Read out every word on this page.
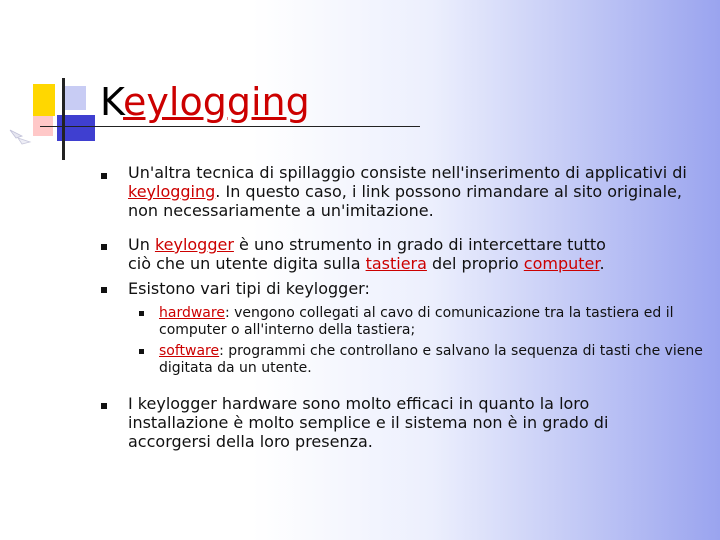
Keylogging

Un'altra tecnica di spillaggio consiste nell'inserimento di applicativi di keylogging. In questo caso, i link possono rimandare al sito originale, non necessariamente a un'imitazione.

Un keylogger è uno strumento in grado di intercettare tutto ciò che un utente digita sulla tastiera del proprio computer.

Esistono vari tipi di keylogger:

hardware: vengono collegati al cavo di comunicazione tra la tastiera ed il computer o all'interno della tastiera;

software: programmi che controllano e salvano la sequenza di tasti che viene digitata da un utente.

I keylogger hardware sono molto efficaci in quanto la loro installazione è molto semplice e il sistema non è in grado di accorgersi della loro presenza.
